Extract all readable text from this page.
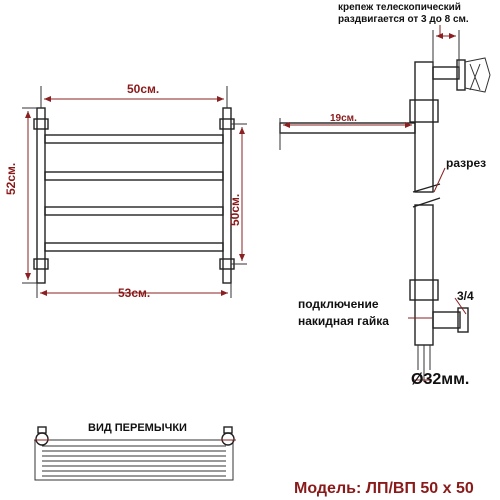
50см.
52см.
50см.
53см.
19см.
крепеж телескопический
раздвигается от 3 до 8 см.
разрез
подключение
накидная гайка
3/4
Ø32мм.
ВИД ПЕРЕМЫЧКИ
Модель: ЛП/ВП 50 x 50
